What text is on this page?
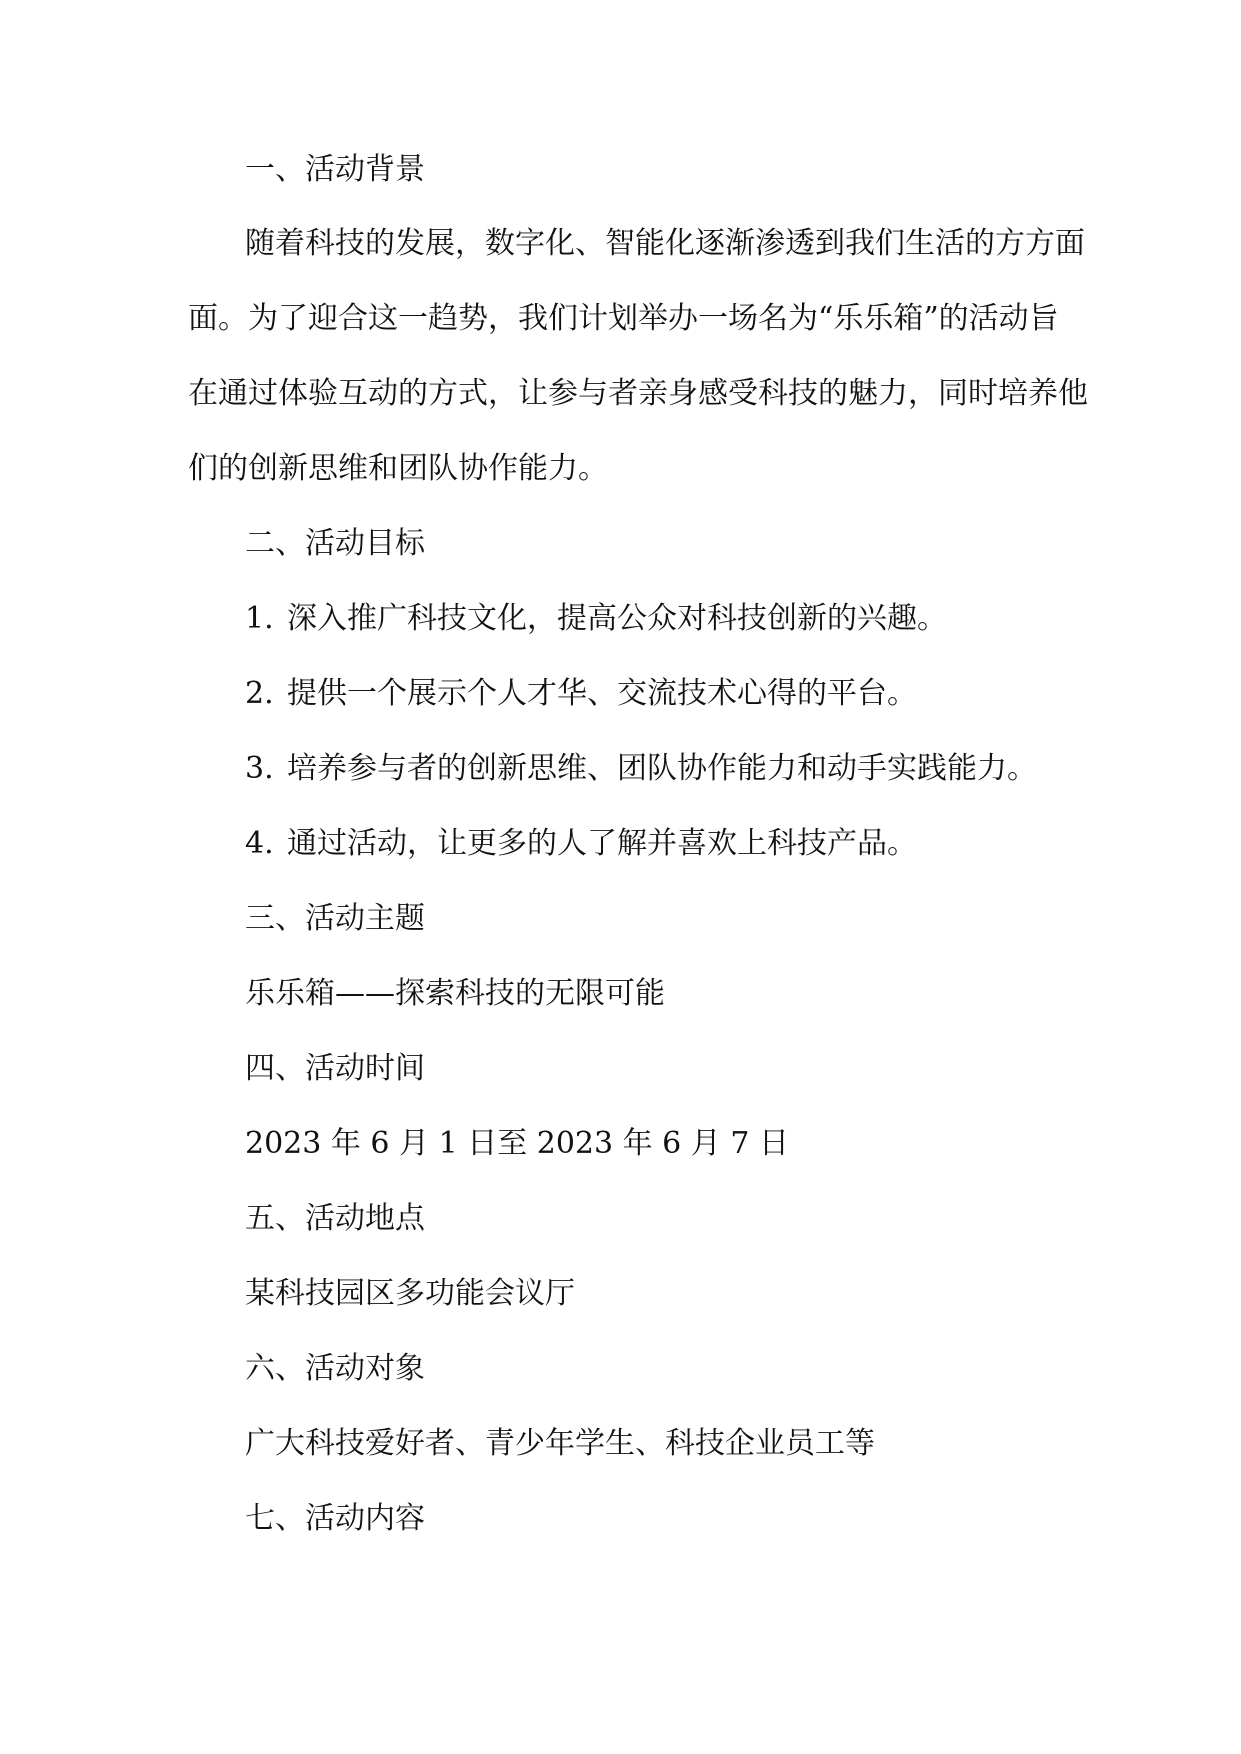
一、活动背景
随着科技的发展，数字化、智能化逐渐渗透到我们生活的方方面
面。为了迎合这一趋势，我们计划举办一场名为“乐乐箱”的活动旨
在通过体验互动的方式，让参与者亲身感受科技的魅力，同时培养他
们的创新思维和团队协作能力。
二、活动目标
1. 深入推广科技文化，提高公众对科技创新的兴趣。
2. 提供一个展示个人才华、交流技术心得的平台。
3. 培养参与者的创新思维、团队协作能力和动手实践能力。
4. 通过活动，让更多的人了解并喜欢上科技产品。
三、活动主题
乐乐箱——探索科技的无限可能
四、活动时间
2023 年 6 月 1 日至 2023 年 6 月 7 日
五、活动地点
某科技园区多功能会议厅
六、活动对象
广大科技爱好者、青少年学生、科技企业员工等
七、活动内容
